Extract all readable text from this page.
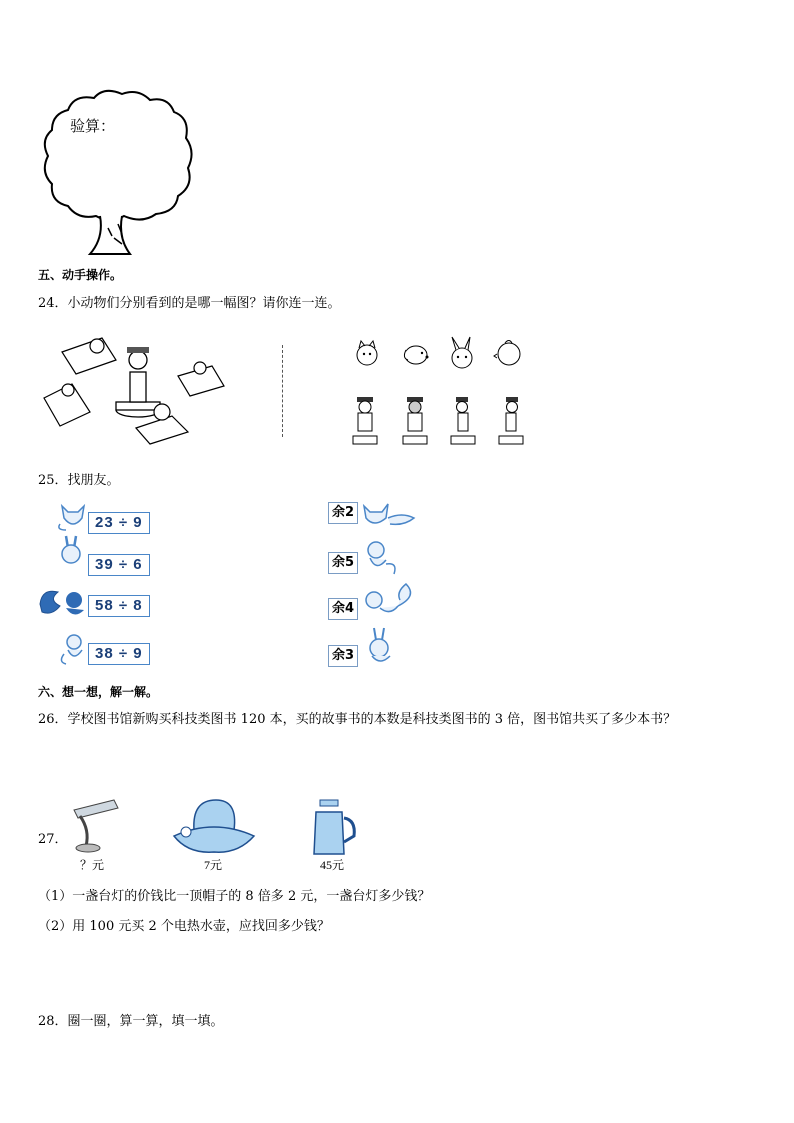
验算：
五、动手操作。
24．小动物们分别看到的是哪一幅图？请你连一连。
25．找朋友。
23 ÷ 9
39 ÷ 6
58 ÷ 8
38 ÷ 9
余2
余5
余4
余3
六、想一想，解一解。
26．学校图书馆新购买科技类图书 120 本，买的故事书的本数是科技类图书的 3 倍，图书馆共买了多少本书？
27．
？元	7元	45元
（1）一盏台灯的价钱比一顶帽子的 8 倍多 2 元，一盏台灯多少钱？
（2）用 100 元买 2 个电热水壶，应找回多少钱？
28．圈一圈，算一算，填一填。
